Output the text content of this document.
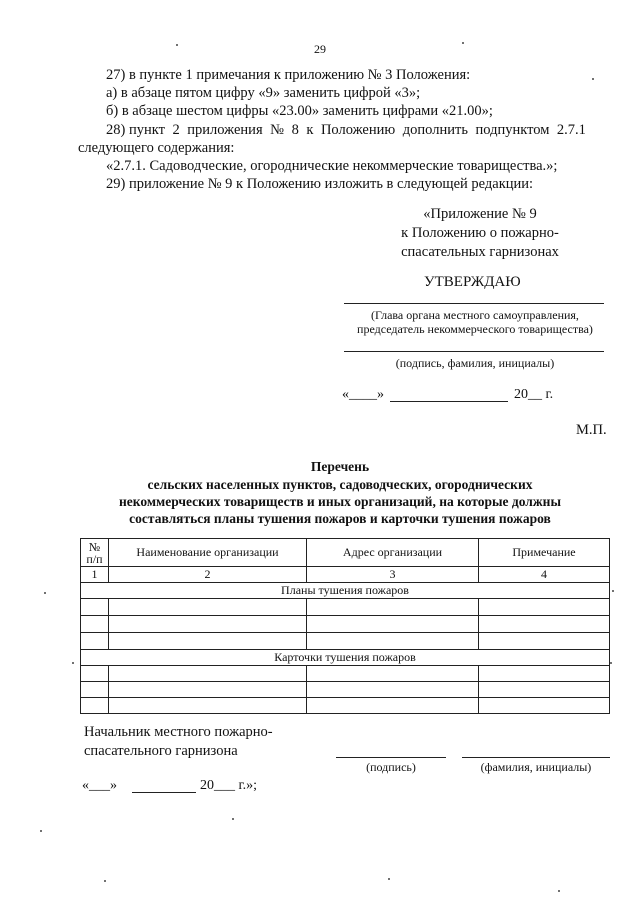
29
27) в пункте 1 примечания к приложению № 3 Положения:
а) в абзаце пятом цифру «9» заменить цифрой «3»;
б) в абзаце шестом цифры «23.00» заменить цифрами «21.00»;
28) пункт 2 приложения № 8 к Положению дополнить подпунктом 2.7.1
следующего содержания:
«2.7.1. Садоводческие, огороднические некоммерческие товарищества.»;
29) приложение № 9 к Положению изложить в следующей редакции:
«Приложение № 9
к Положению о пожарно-
спасательных гарнизонах
УТВЕРЖДАЮ
(Глава органа местного самоуправления,
председатель некоммерческого товарищества)
(подпись, фамилия, инициалы)
«____»	20__ г.
М.П.
Перечень
сельских населенных пунктов, садоводческих, огороднических
некоммерческих товариществ и иных организаций, на которые должны
составляться планы тушения пожаров и карточки тушения пожаров
№
п/п	Наименование организации	Адрес организации	Примечание
1	2	3	4
Планы тушения пожаров			

Карточки тушения пожаров			

Начальник местного пожарно-
спасательного гарнизона
(подпись)	(фамилия, инициалы)
«___»	20___ г.»;
